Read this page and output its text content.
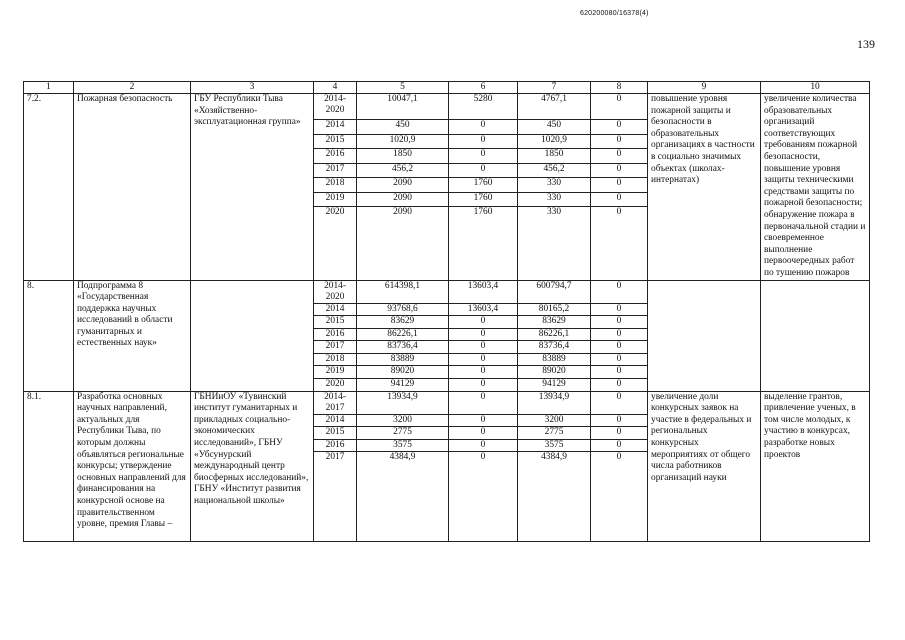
620200080/16378(4)
139
1	2	3	4	5	6	7	8	9	10
7.2.	Пожарная безопасность	ГБУ Республики Тыва «Хозяйственно-эксплуатационная группа»	2014-2020	10047,1	5280	4767,1	0	повышение уровня пожарной защиты и безопасности в образовательных организациях в частности в социально значимых объектах (школах-интернатах)	увеличение количества образовательных организаций соответствующих требованиям пожарной безопасности, повышение уровня защиты техническими средствами защиты по пожарной безопасности; обнаружение пожара в первоначальной стадии и своевременное выполнение первоочередных работ по тушению пожаров
			2014	450	0	450	0		
			2015	1020,9	0	1020,9	0		
			2016	1850	0	1850	0		
			2017	456,2	0	456,2	0		
			2018	2090	1760	330	0		
			2019	2090	1760	330	0		
			2020	2090	1760	330	0		
8.	Подпрограмма 8 «Государственная поддержка научных исследований в области гуманитарных и естественных наук»		2014-2020	614398,1	13603,4	600794,7	0		
			2014	93768,6	13603,4	80165,2	0		
			2015	83629	0	83629	0		
			2016	86226,1	0	86226,1	0		
			2017	83736,4	0	83736,4	0		
			2018	83889	0	83889	0		
			2019	89020	0	89020	0		
			2020	94129	0	94129	0		
8.1.	Разработка основных научных направлений, актуальных для Республики Тыва, по которым должны объявляться региональные конкурсы; утверждение основных направлений для финансирования на конкурсной основе на правительственном уровне, премия Главы –	ГБНИиОУ «Тувинский институт гуманитарных и прикладных социально-экономических исследований», ГБНУ «Убсунурский международный центр биосферных исследований», ГБНУ «Институт развития национальной школы»	2014-2017	13934,9	0	13934,9	0	увеличение доли конкурсных заявок на участие в федеральных и региональных конкурсных мероприятиях от общего числа работников организаций науки	выделение грантов, привлечение ученых, в том числе молодых, к участию в конкурсах, разработке новых проектов
			2014	3200	0	3200	0		
			2015	2775	0	2775	0		
			2016	3575	0	3575	0		
			2017	4384,9	0	4384,9	0		
